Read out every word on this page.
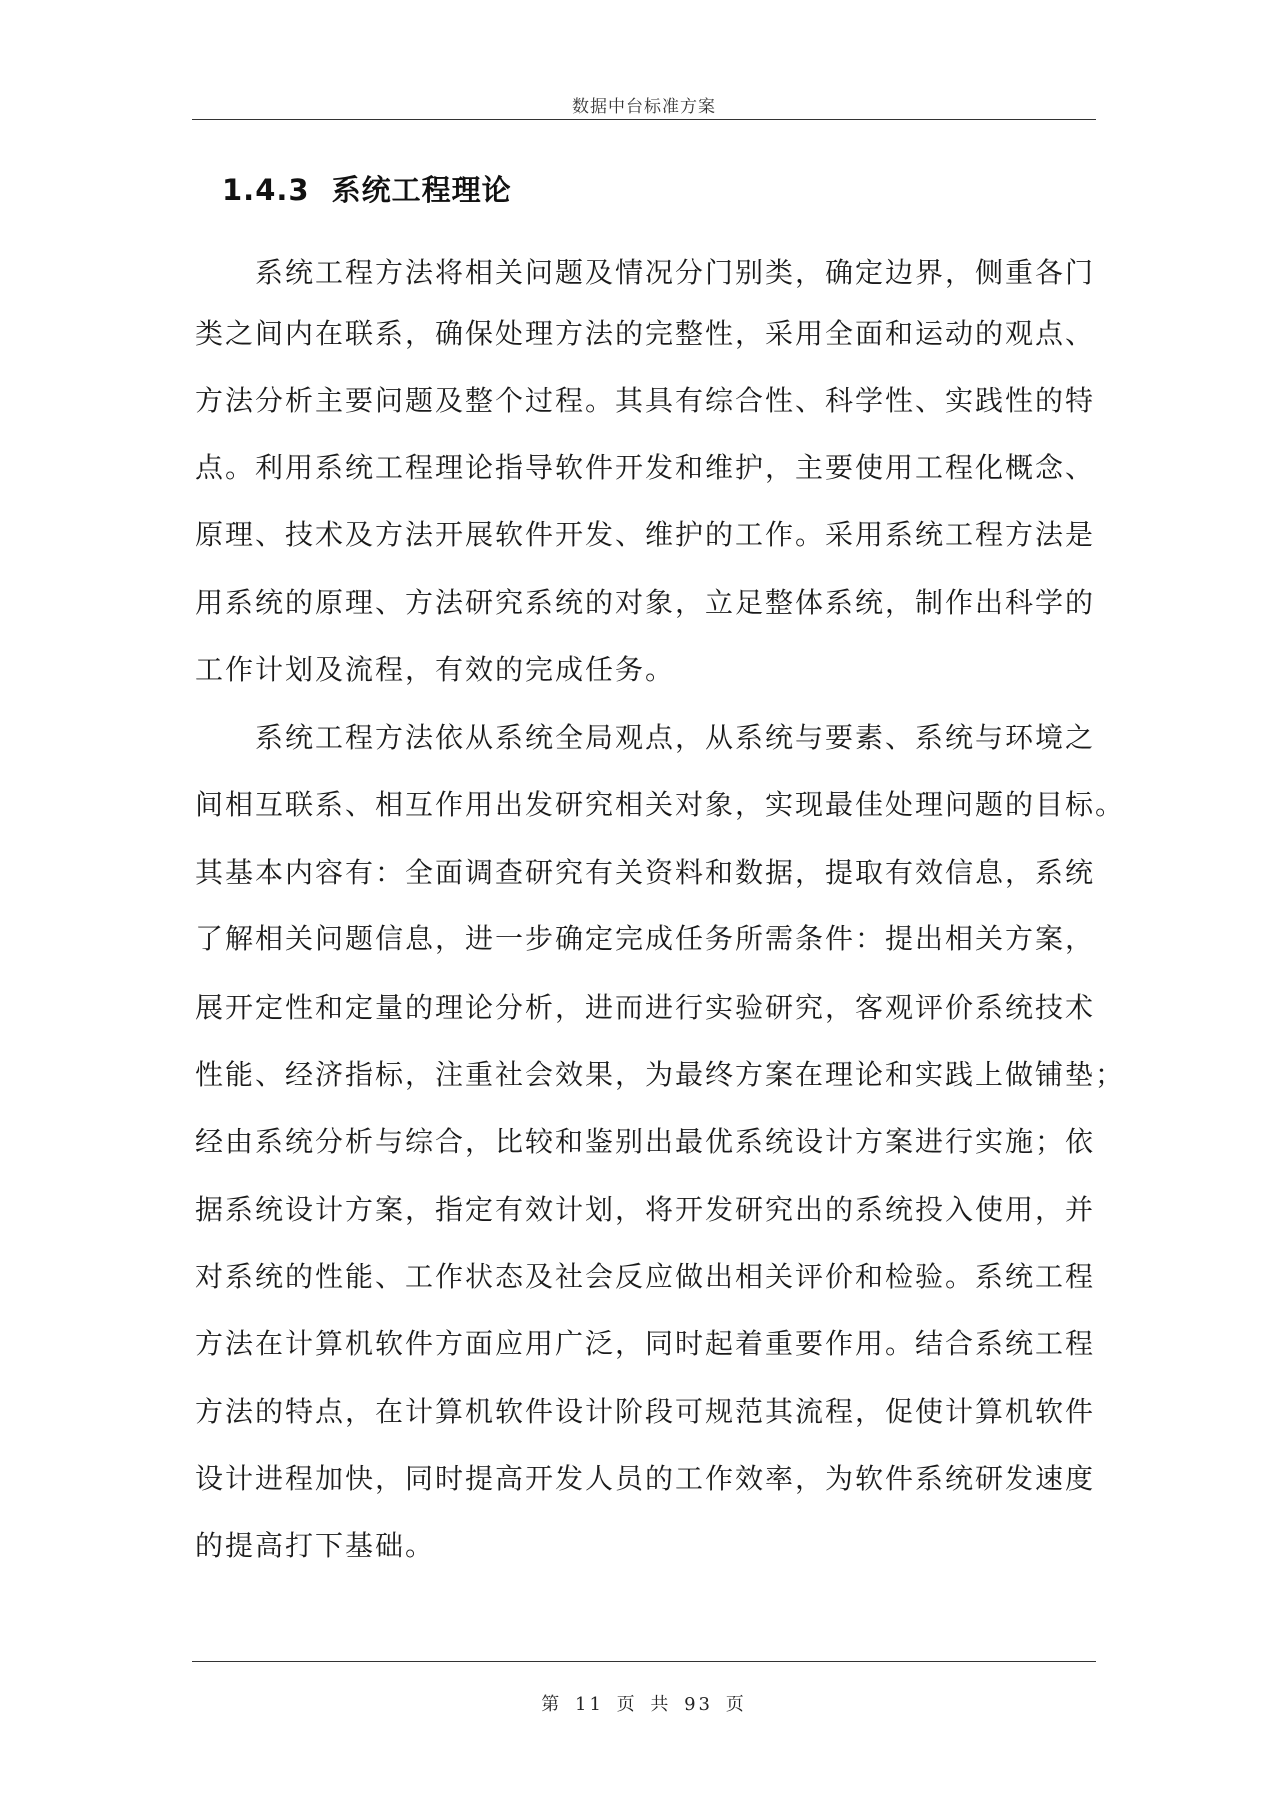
数据中台标准方案
1.4.3 系统工程理论
系统工程方法将相关问题及情况分门别类，确定边界，侧重各门
类之间内在联系，确保处理方法的完整性，采用全面和运动的观点、
方法分析主要问题及整个过程。其具有综合性、科学性、实践性的特
点。利用系统工程理论指导软件开发和维护，主要使用工程化概念、
原理、技术及方法开展软件开发、维护的工作。采用系统工程方法是
用系统的原理、方法研究系统的对象，立足整体系统，制作出科学的
工作计划及流程，有效的完成任务。
系统工程方法依从系统全局观点，从系统与要素、系统与环境之
间相互联系、相互作用出发研究相关对象，实现最佳处理问题的目标。
其基本内容有：全面调查研究有关资料和数据，提取有效信息，系统
了解相关问题信息，进一步确定完成任务所需条件：提出相关方案，
展开定性和定量的理论分析，进而进行实验研究，客观评价系统技术
性能、经济指标，注重社会效果，为最终方案在理论和实践上做铺垫；
经由系统分析与综合，比较和鉴别出最优系统设计方案进行实施；依
据系统设计方案，指定有效计划，将开发研究出的系统投入使用，并
对系统的性能、工作状态及社会反应做出相关评价和检验。系统工程
方法在计算机软件方面应用广泛，同时起着重要作用。结合系统工程
方法的特点，在计算机软件设计阶段可规范其流程，促使计算机软件
设计进程加快，同时提高开发人员的工作效率，为软件系统研发速度
的提高打下基础。
第 11 页 共 93 页
